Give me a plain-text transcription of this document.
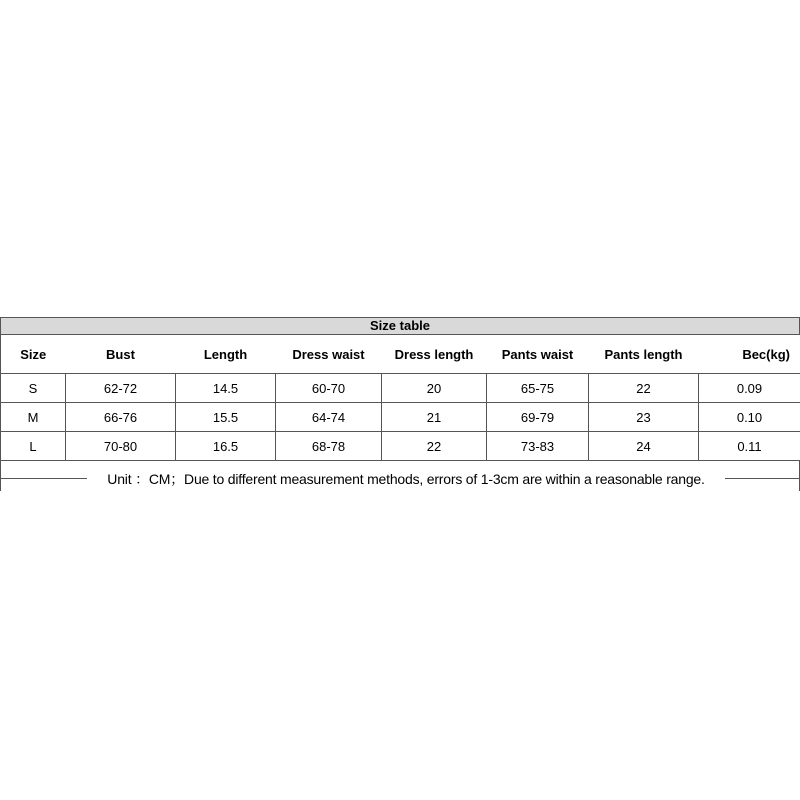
Size table
Size	Bust	Length	Dress waist	Dress length	Pants waist	Pants length	Bec(kg)
S	62-72	14.5	60-70	20	65-75	22	0.09
M	66-76	15.5	64-74	21	69-79	23	0.10
L	70-80	16.5	68-78	22	73-83	24	0.11
Unit ：CM；Due to different measurement methods, errors of 1-3cm are within a reasonable range.
